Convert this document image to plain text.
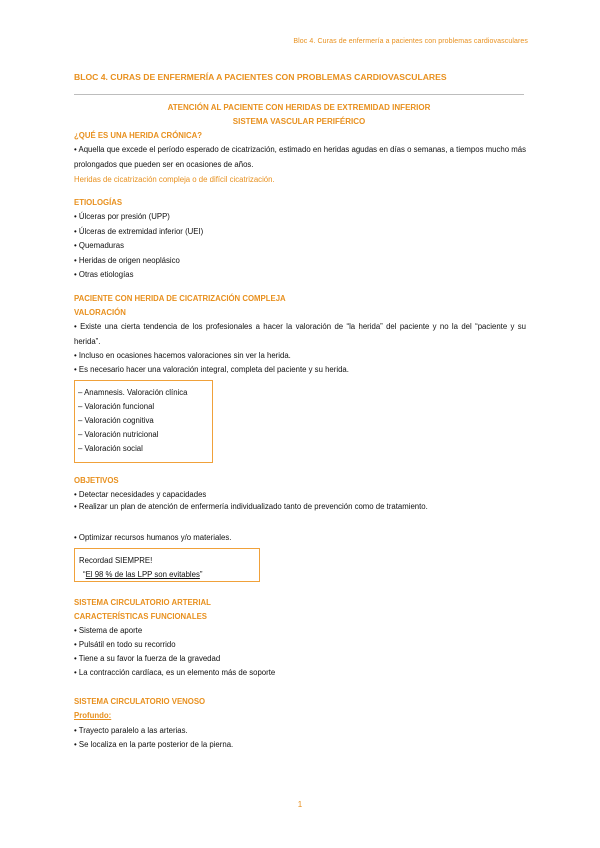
Bloc 4. Curas de enfermería a pacientes con problemas cardiovasculares
BLOC 4. CURAS DE ENFERMERÍA A PACIENTES CON PROBLEMAS CARDIOVASCULARES
ATENCIÓN AL PACIENTE CON HERIDAS DE EXTREMIDAD INFERIOR
SISTEMA VASCULAR PERIFÉRICO
¿QUÉ ES UNA HERIDA CRÓNICA?
• Aquella que excede el período esperado de cicatrización, estimado en heridas agudas en días o semanas, a tiempos mucho más prolongados que pueden ser en ocasiones de años.
Heridas de cicatrización compleja o de difícil cicatrización.
ETIOLOGÍAS
• Úlceras por presión (UPP)
• Úlceras de extremidad inferior (UEI)
• Quemaduras
• Heridas de origen neoplásico
• Otras etiologías
PACIENTE CON HERIDA DE CICATRIZACIÓN COMPLEJA
VALORACIÓN
• Existe una cierta tendencia de los profesionales a hacer la valoración de “la herida” del paciente y no la del “paciente y su herida”.
• Incluso en ocasiones hacemos valoraciones sin ver la herida.
• Es necesario hacer una valoración integral, completa del paciente y su herida.
– Anamnesis. Valoración clínica
– Valoración funcional
– Valoración cognitiva
– Valoración nutricional
– Valoración social
OBJETIVOS
• Detectar necesidades y capacidades
• Realizar un plan de atención de enfermería individualizado tanto de prevención como de tratamiento.
• Optimizar recursos humanos y/o materiales.
Recordad SIEMPRE!
“El 98 % de las LPP son evitables”
SISTEMA CIRCULATORIO ARTERIAL
CARACTERÍSTICAS FUNCIONALES
• Sistema de aporte
• Pulsátil en todo su recorrido
• Tiene a su favor la fuerza de la gravedad
• La contracción cardíaca, es un elemento más de soporte
SISTEMA CIRCULATORIO VENOSO
Profundo:
• Trayecto paralelo a las arterias.
• Se localiza en la parte posterior de la pierna.
1
